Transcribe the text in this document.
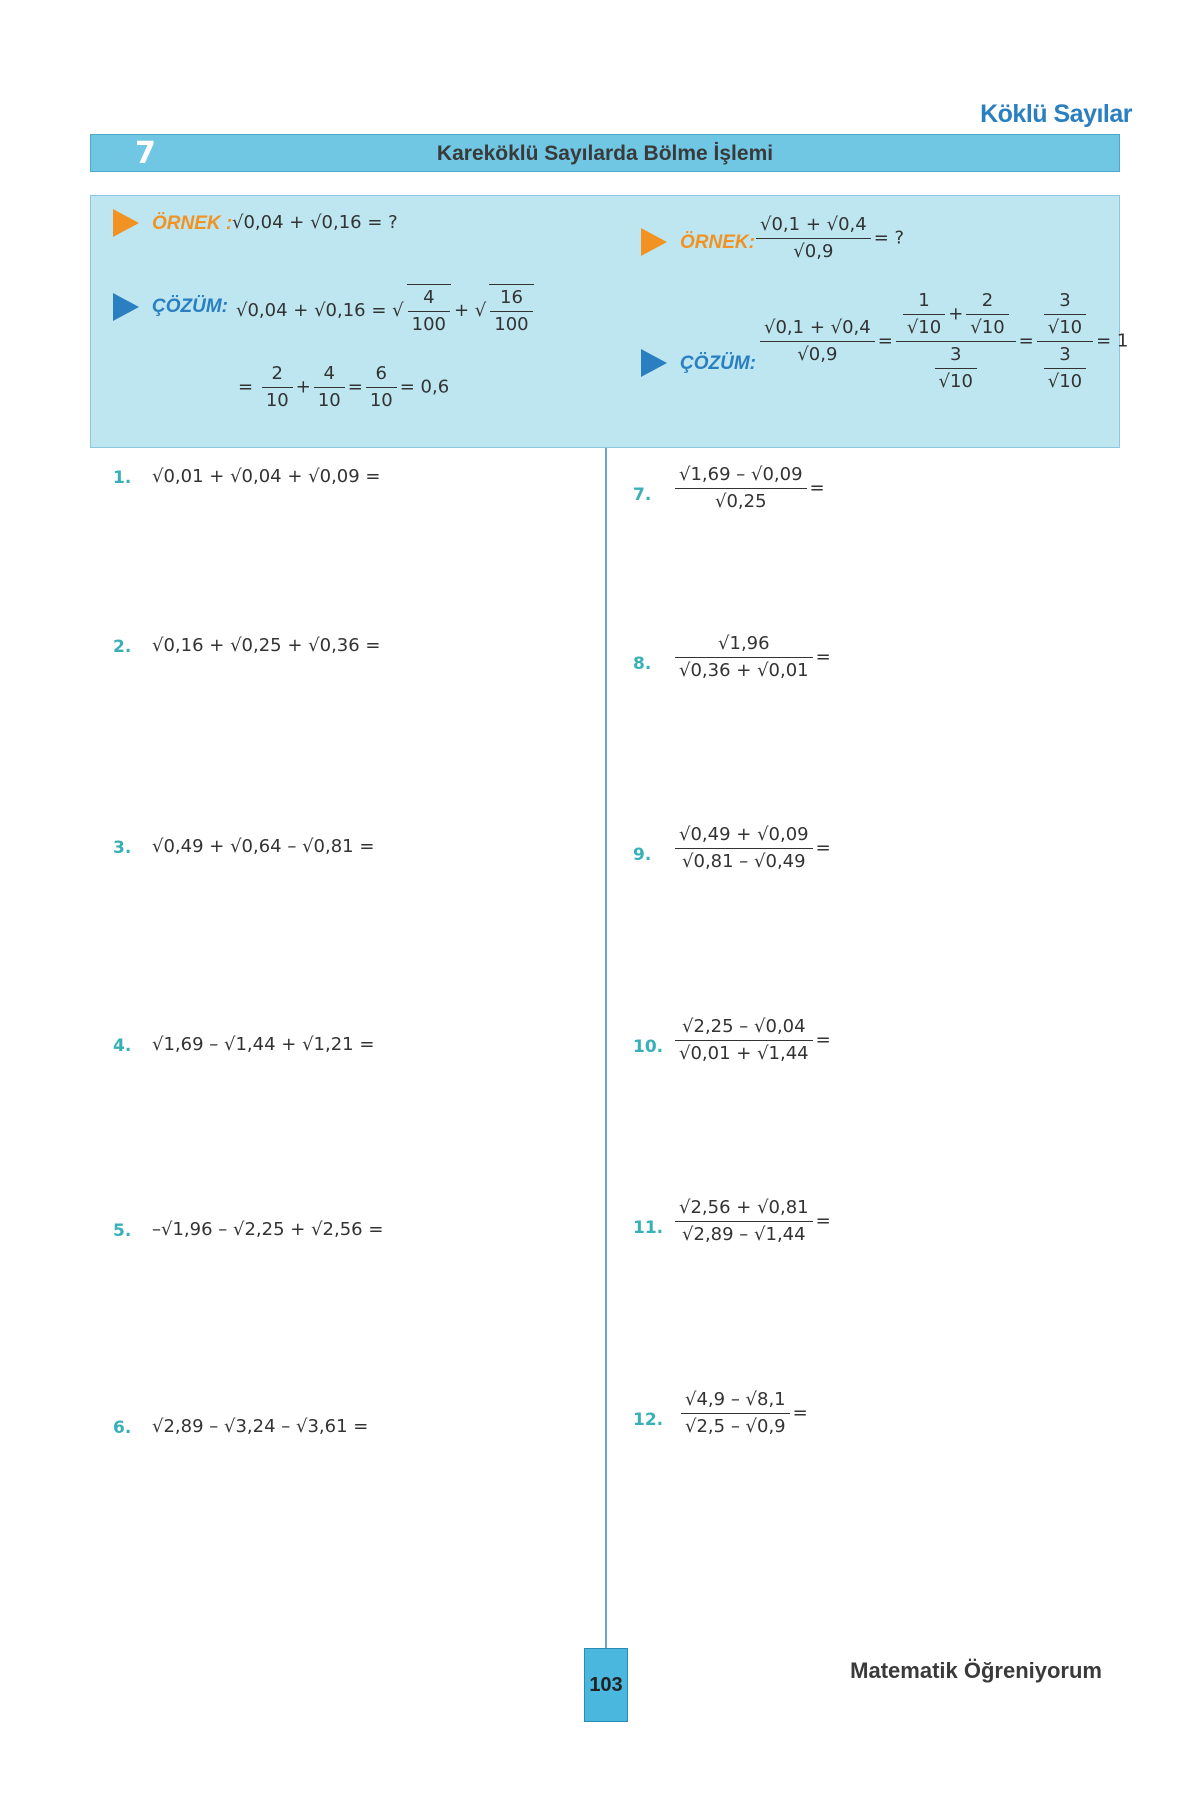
Köklü Sayılar
7	Kareköklü Sayılarda Bölme İşlemi
ÖRNEK : √0,04 + √0,16 = ?
ÇÖZÜM: √0,04 + √0,16 = √ $\frac{4}{100}$ + √ $\frac{16}{100}$
= $\frac{2}{10} + \frac{4}{10} = \frac{6}{10} = 0,6$
ÖRNEK: $\frac{√0,1 + √0,4}{√0,9}$ = ?
ÇÖZÜM: $\frac{√0,1 + √0,4}{√0,9} = \frac{\frac{1}{√10} + \frac{2}{√10}}{\frac{3}{√10}} = \frac{\frac{3}{√10}}{\frac{3}{√10}} = 1$
1. √0,01 + √0,04 + √0,09 =
2. √0,16 + √0,25 + √0,36 =
3. √0,49 + √0,64 – √0,81 =
4. √1,69 – √1,44 + √1,21 =
5. –√1,96 – √2,25 + √2,56 =
6. √2,89 – √3,24 – √3,61 =
7. $\frac{√1,69 - √0,09}{√0,25}$ =
8. $\frac{√1,96}{√0,36 + √0,01}$ =
9. $\frac{√0,49 + √0,09}{√0,81 - √0,49}$ =
10. $\frac{√2,25 - √0,04}{√0,01 + √1,44}$ =
11. $\frac{√2,56 + √0,81}{√2,89 - √1,44}$ =
12. $\frac{√4,9 - √8,1}{√2,5 - √0,9}$ =
103
Matematik Öğreniyorum
